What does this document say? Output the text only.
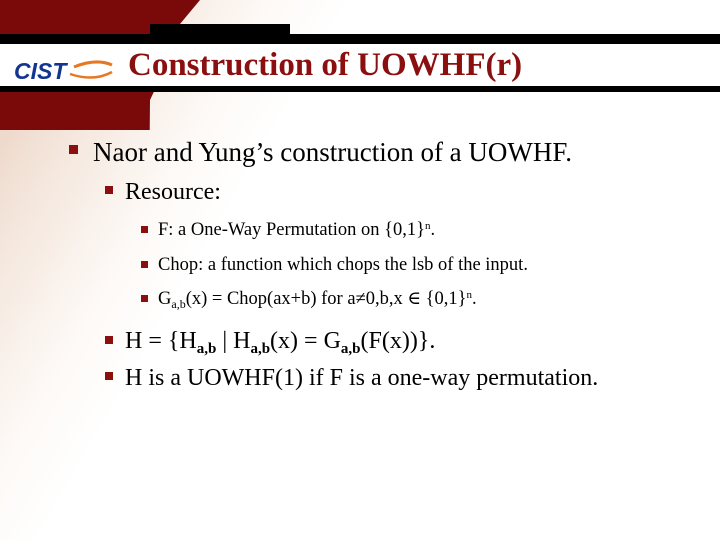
CIST Construction of UOWHF(r)
Naor and Yung’s construction of a UOWHF.
Resource:
F: a One-Way Permutation on $\{0,1\}^n$.
Chop: a function which chops the lsb of the input.
$G_{a,b}(x)$ = Chop(ax+b) for a≠0,b,x ∈ $\{0,1\}^n$.
$H = \{H_{a,b}$ | $H_{a,b}(x) = G_{a,b}(F(x))$}.
H is a UOWHF(1) if F is a one-way permutation.
